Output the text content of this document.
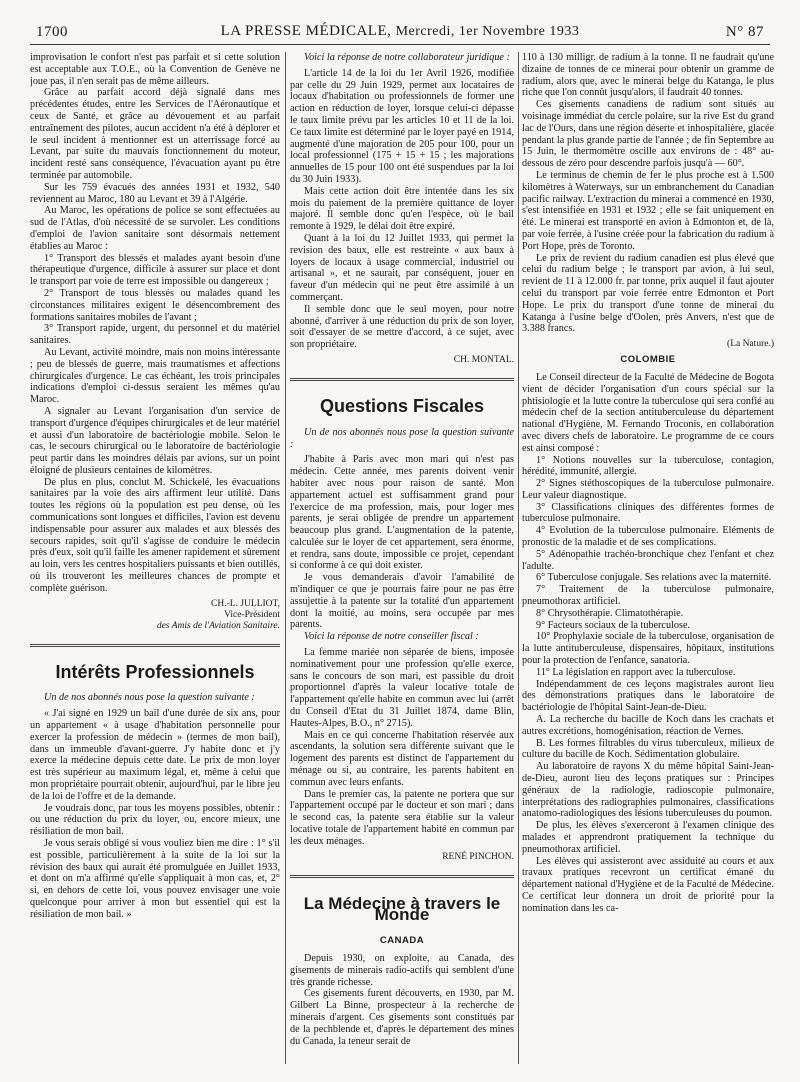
1700	LA PRESSE MÉDICALE, Mercredi, 1er Novembre 1933	N° 87

improvisation le confort n'est pas parfait et si cette solution est acceptable aux T.O.E., où la Convention de Genève ne joue pas, il n'en serait pas de même ailleurs.

Grâce au parfait accord déjà signalé dans mes précédentes études, entre les Services de l'Aéronautique et ceux de Santé, et grâce au dévouement et au parfait entraînement des pilotes, aucun accident n'a été à déplorer et le seul incident à mentionner est un atterrissage forcé au Levant, par suite du mauvais fonctionnement du moteur, incident resté sans conséquence, l'évacuation ayant pu être terminée par automobile.

Sur les 759 évacués des années 1931 et 1932, 540 reviennent au Maroc, 180 au Levant et 39 à l'Algérie.

Au Maroc, les opérations de police se sont effectuées au sud de l'Atlas, d'où nécessité de se survoler. Les conditions d'emploi de l'avion sanitaire sont désormais nettement établies au Maroc :

1° Transport des blessés et malades ayant besoin d'une thérapeutique d'urgence, difficile à assurer sur place et dont le transport par voie de terre est impossible ou dangereux ;

2° Transport de tous blessés ou malades quand les circonstances militaires exigent le désencombrement des formations sanitaires mobiles de l'avant ;

3° Transport rapide, urgent, du personnel et du matériel sanitaires.

Au Levant, activité moindre, mais non moins intéressante ; peu de blessés de guerre, mais traumatismes et affections chirurgicales d'urgence. Le cas échéant, les trois principales indications d'emploi ci-dessus seraient les mêmes qu'au Maroc.

A signaler au Levant l'organisation d'un service de transport d'urgence d'équipes chirurgicales et de leur matériel et aussi d'un laboratoire de bactériologie mobile. Selon le cas, le secours chirurgical ou le laboratoire de bactériologie peut partir dans les moindres délais par avions, sur un point éloigné de plusieurs centaines de kilomètres.

De plus en plus, conclut M. Schickelé, les évacuations sanitaires par la voie des airs affirment leur utilité. Dans toutes les régions où la population est peu dense, où les communications sont longues et difficiles, l'avion est devenu indispensable pour assurer aux malades et aux blessés des secours rapides, soit qu'il s'agisse de conduire le médecin près d'eux, soit qu'il faille les amener rapidement et sûrement au loin, vers les centres hospitaliers puissants et bien outillés, où ils trouveront les meilleures chances de prompte et complète guérison.

CH.-L. JULLIOT,
Vice-Président
des Amis de l'Aviation Sanitaire.
Intérêts Professionnels

Un de nos abonnés nous pose la question suivante :

« J'ai signé en 1929 un bail d'une durée de six ans, pour un appartement « à usage d'habitation personnelle pour exercer la profession de médecin » (termes de mon bail), dans un immeuble d'avant-guerre. J'y habite donc et j'y exerce la médecine depuis cette date. Le prix de mon loyer est très supérieur au maximum légal, et, même à celui que mon propriétaire pourrait obtenir, aujourd'hui, par le libre jeu de la loi de l'offre et de la demande.

Je voudrais donc, par tous les moyens possibles, obtenir : ou une réduction du prix du loyer, ou, encore mieux, une résiliation de mon bail.

Je vous serais obligé si vous vouliez bien me dire : 1° s'il est possible, particulièrement à la suite de la loi sur la révision des baux qui aurait été promulguée en Juillet 1933, et dont on m'a affirmé qu'elle s'appliquait à mon cas, et, 2° si, en dehors de cette loi, vous pouvez envisager une voie quelconque pour arriver à mon but essentiel qui est la résiliation de mon bail. »

Voici la réponse de notre collaborateur juridique :

L'article 14 de la loi du 1er Avril 1926, modifiée par celle du 29 Juin 1929, permet aux locataires de locaux d'habitation ou professionnels de former une action en réduction de loyer, lorsque celui-ci dépasse le taux limite prévu par les articles 10 et 11 de la loi. Ce taux limite est déterminé par le loyer payé en 1914, augmenté d'une majoration de 205 pour 100, pour un local professionnel (175 + 15 + 15 ; les majorations annuelles de 15 pour 100 ont été suspendues par la loi du 30 Juin 1933).

Mais cette action doit être intentée dans les six mois du paiement de la première quittance de loyer majoré. Il semble donc qu'en l'espèce, où le bail remonte à 1929, le délai doit être expiré.

Quant à la loi du 12 Juillet 1933, qui permet la revision des baux, elle est restreinte « aux baux à loyers de locaux à usage commercial, industriel ou artisanal », et ne saurait, par conséquent, jouer en faveur d'un médecin qui ne peut être assimilé à un commerçant.

Il semble donc que le seul moyen, pour notre abonné, d'arriver à une réduction du prix de son loyer, soit d'essayer de se mettre d'accord, à ce sujet, avec son propriétaire.

CH. MONTAL.
Questions Fiscales

Un de nos abonnés nous pose la question suivante :

J'habite à Paris avec mon mari qui n'est pas médecin. Cette année, mes parents doivent venir habiter avec nous pour raison de santé. Mon appartement actuel est suffisamment grand pour l'exercice de ma profession, mais, pour loger mes parents, je serai obligée de prendre un appartement beaucoup plus grand. L'augmentation de la patente, calculée sur le loyer de cet appartement, sera énorme, et rendra, sans doute, impossible ce projet, cependant si conforme à ce qui doit exister.

Je vous demanderais d'avoir l'amabilité de m'indiquer ce que je pourrais faire pour ne pas être assujettie à la patente sur la totalité d'un appartement dont la moitié, au moins, sera occupée par mes parents.

Voici la réponse de notre conseiller fiscal :

La femme mariée non séparée de biens, imposée nominativement pour une profession qu'elle exerce, sans le concours de son mari, est passible du droit proportionnel d'après la valeur locative totale de l'appartement qu'elle habite en commun avec lui (arrêt du Conseil d'Etat du 31 Juillet 1874, dame Blin, Hautes-Alpes, B.O., n° 2715).

Mais en ce qui concerne l'habitation réservée aux ascendants, la solution sera différente suivant que le logement des parents est distinct de l'appartement du ménage ou si, au contraire, les parents habitent en commun avec leurs enfants.

Dans le premier cas, la patente ne portera que sur l'appartement occupé par le docteur et son mari ; dans le second cas, la patente sera établie sur la valeur locative totale de l'appartement habité en commun par les deux ménages.

RENÉ PINCHON.
La Médecine à travers le Monde
CANADA

Depuis 1930, on exploite, au Canada, des gisements de minerais radio-actifs qui semblent d'une très grande richesse.

Ces gisements furent découverts, en 1930, par M. Gilbert La Binne, prospecteur à la recherche de minerais d'argent. Ces gisements sont constitués par de la pechblende et, d'après le département des mines du Canada, la teneur serait de

110 à 130 milligr. de radium à la tonne. Il ne faudrait qu'une dizaine de tonnes de ce minerai pour obtenir un gramme de radium, alors que, avec le minerai belge du Katanga, le plus riche que l'on connût jusqu'alors, il faudrait 40 tonnes.

Ces gisements canadiens de radium sont situés au voisinage immédiat du cercle polaire, sur la rive Est du grand lac de l'Ours, dans une région déserte et inhospitalière, glacée pendant la plus grande partie de l'année ; de fin Septembre au 15 Juin, le thermomètre oscille aux environs de : 48° au-dessous de zéro pour descendre parfois jusqu'à — 60°.

Le terminus de chemin de fer le plus proche est à 1.500 kilomètres à Waterways, sur un embranchement du Canadian pacific railway. L'extraction du minerai a commencé en 1930, s'est intensifiée en 1931 et 1932 ; elle se fait uniquement en été. Le minerai est transporté en avion à Edmonton et, de là, par voie ferrée, à l'usine créée pour la fabrication du radium à Port Hope, près de Toronto.

Le prix de revient du radium canadien est plus élevé que celui du radium belge ; le transport par avion, à lui seul, revient de 11 à 12.000 fr. par tonne, prix auquel il faut ajouter celui du transport par voie ferrée entre Edmonton et Port Hope. Le prix du transport d'une tonne de minerai du Katanga à l'usine belge d'Oolen, près Anvers, n'est que de 3.388 francs.

(La Nature.)
COLOMBIE

Le Conseil directeur de la Faculté de Médecine de Bogota vient de décider l'organisation d'un cours spécial sur la phtisiologie et la lutte contre la tuberculose qui sera confié au médecin chef de la section antituberculeuse du département national d'Hygiène, M. Fernando Troconis, en collaboration avec divers chefs de laboratoire. Le programme de ce cours est ainsi composé :

1° Notions nouvelles sur la tuberculose, contagion, hérédité, immunité, allergie.

2° Signes stéthoscopiques de la tuberculose pulmonaire. Leur valeur diagnostique.

3° Classifications cliniques des différentes formes de tuberculose pulmonaire.

4° Evolution de la tuberculose pulmonaire. Eléments de pronostic de la maladie et de ses complications.

5° Adénopathie trachéo-bronchique chez l'enfant et chez l'adulte.

6° Tuberculose conjugale. Ses relations avec la maternité.

7° Traitement de la tuberculose pulmonaire, pneumothorax artificiel.

8° Chrysothérapie. Climatothérapie.

9° Facteurs sociaux de la tuberculose.

10° Prophylaxie sociale de la tuberculose, organisation de la lutte antituberculeuse, dispensaires, hôpitaux, institutions pour la protection de l'enfance, sanatoria.

11° La législation en rapport avec la tuberculose.

Indépendamment de ces leçons magistrales auront lieu des démonstrations pratiques dans le laboratoire de bactériologie de l'hôpital Saint-Jean-de-Dieu.

A. La recherche du bacille de Koch dans les crachats et autres excrétions, homogénisation, réaction de Vernes.

B. Les formes filtrables du virus tuberculeux, milieux de culture du bacille de Koch. Sédimentation globulaire.

Au laboratoire de rayons X du même hôpital Saint-Jean-de-Dieu, auront lieu des leçons pratiques sur : Principes généraux de la radiologie, radioscopie pulmonaire, interprétations des radiographies pulmonaires, classifications anatomo-radiologiques des lésions tuberculeuses du poumon.

De plus, les élèves s'exerceront à l'examen clinique des malades et apprendront pratiquement la technique du pneumothorax artificiel.

Les élèves qui assisteront avec assiduité au cours et aux travaux pratiques recevront un certificat émané du département national d'Hygiène et de la Faculté de Médecine. Ce certificat leur donnera un droit de priorité pour la nomination dans les ca-
